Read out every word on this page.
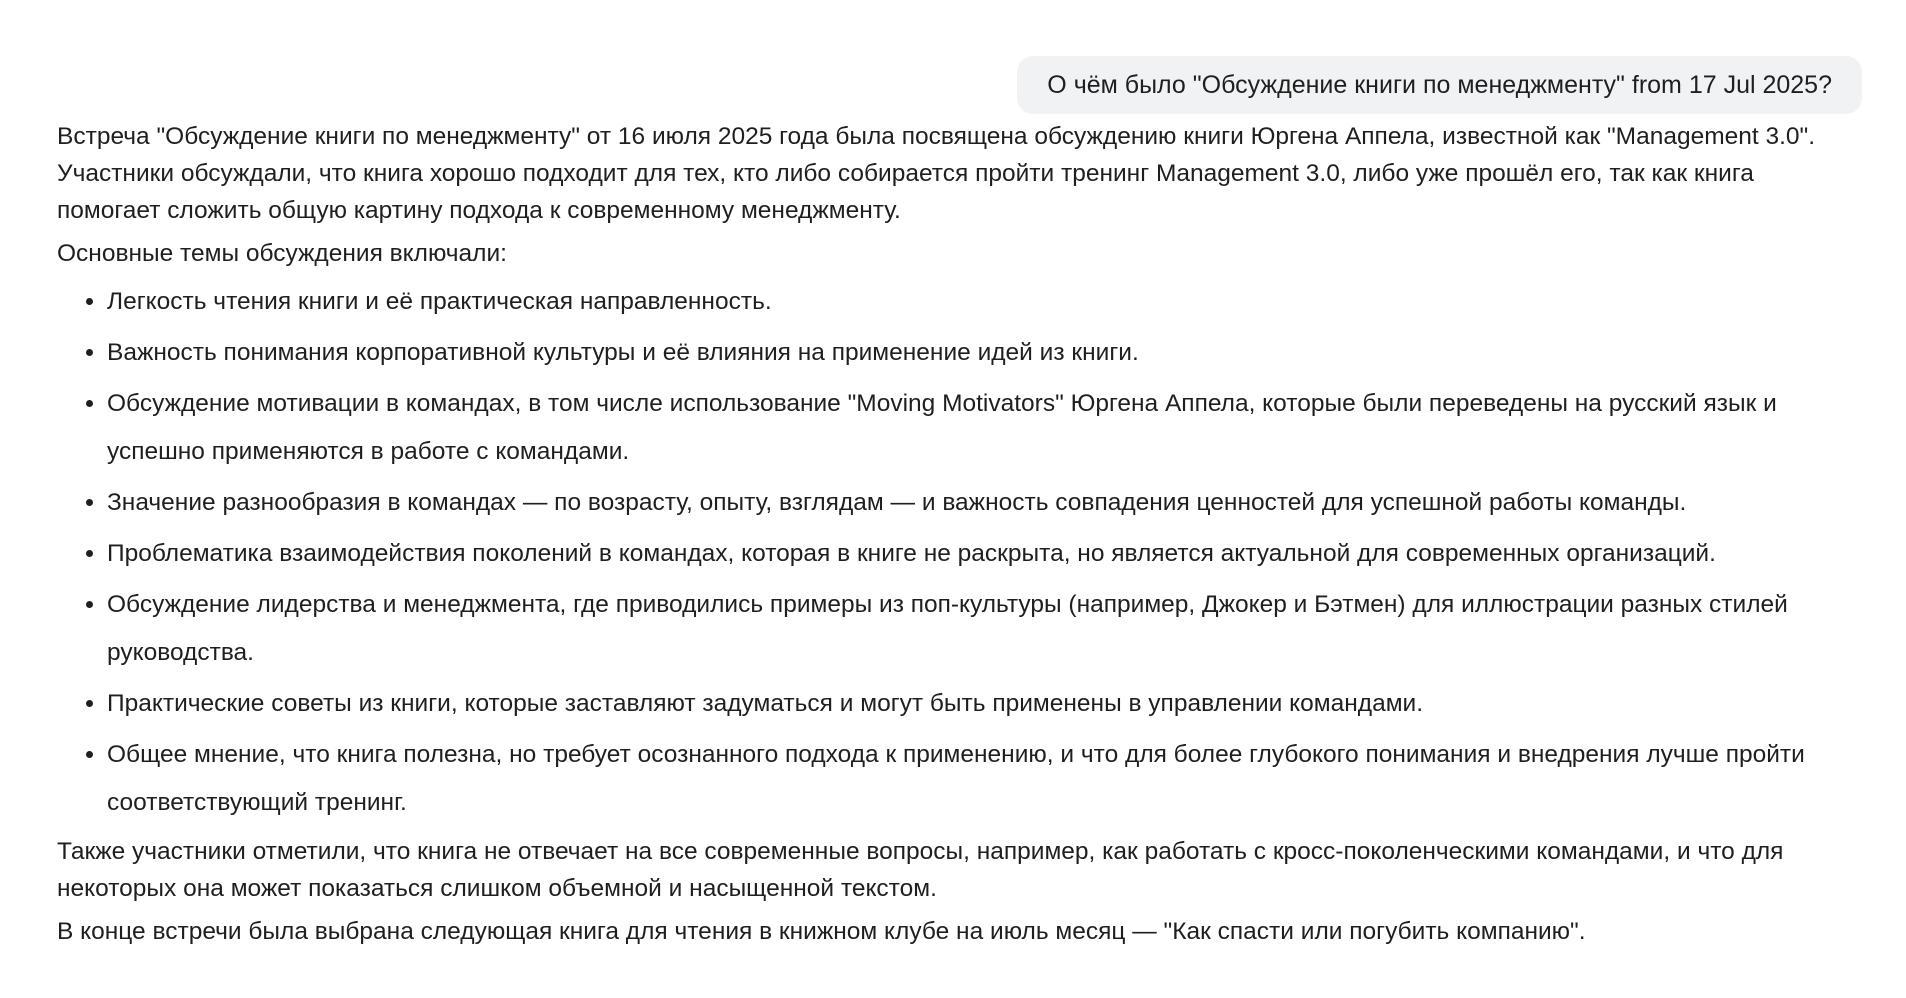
О чём было "Обсуждение книги по менеджменту" from 17 Jul 2025?

Встреча "Обсуждение книги по менеджменту" от 16 июля 2025 года была посвящена обсуждению книги Юргена Аппела, известной как "Management 3.0". Участники обсуждали, что книга хорошо подходит для тех, кто либо собирается пройти тренинг Management 3.0, либо уже прошёл его, так как книга помогает сложить общую картину подхода к современному менеджменту.

Основные темы обсуждения включали:

• Легкость чтения книги и её практическая направленность.
• Важность понимания корпоративной культуры и её влияния на применение идей из книги.
• Обсуждение мотивации в командах, в том числе использование "Moving Motivators" Юргена Аппела, которые были переведены на русский язык и успешно применяются в работе с командами.
• Значение разнообразия в командах — по возрасту, опыту, взглядам — и важность совпадения ценностей для успешной работы команды.
• Проблематика взаимодействия поколений в командах, которая в книге не раскрыта, но является актуальной для современных организаций.
• Обсуждение лидерства и менеджмента, где приводились примеры из поп-культуры (например, Джокер и Бэтмен) для иллюстрации разных стилей руководства.
• Практические советы из книги, которые заставляют задуматься и могут быть применены в управлении командами.
• Общее мнение, что книга полезна, но требует осознанного подхода к применению, и что для более глубокого понимания и внедрения лучше пройти соответствующий тренинг.

Также участники отметили, что книга не отвечает на все современные вопросы, например, как работать с кросс-поколенческими командами, и что для некоторых она может показаться слишком объемной и насыщенной текстом.

В конце встречи была выбрана следующая книга для чтения в книжном клубе на июль месяц — "Как спасти или погубить компанию".
